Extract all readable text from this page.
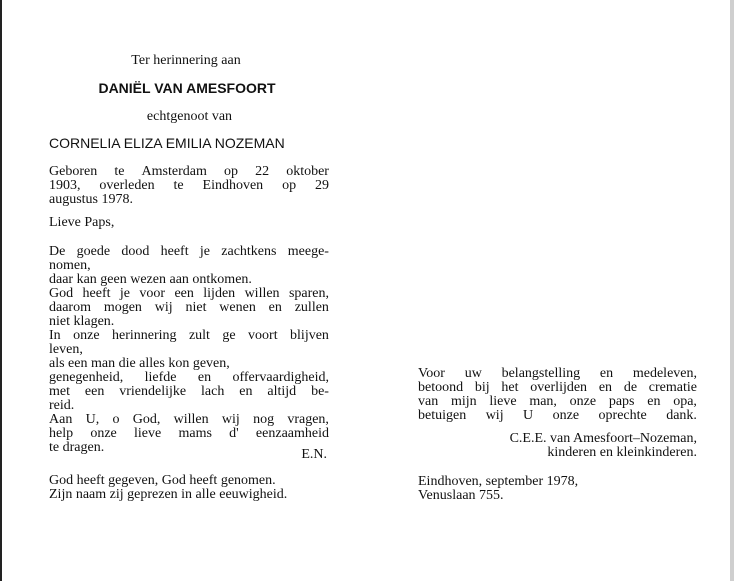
Ter herinnering aan
DANIËL VAN AMESFOORT
echtgenoot van
CORNELIA ELIZA EMILIA NOZEMAN
Geboren te Amsterdam op 22 oktober
1903, overleden te Eindhoven op 29
augustus 1978.
Lieve Paps,
De goede dood heeft je zachtkens meege-
nomen,
daar kan geen wezen aan ontkomen.
God heeft je voor een lijden willen sparen,
daarom mogen wij niet wenen en zullen
niet klagen.
In onze herinnering zult ge voort blijven
leven,
als een man die alles kon geven,
genegenheid, liefde en offervaardigheid,
met een vriendelijke lach en altijd be-
reid.
Aan U, o God, willen wij nog vragen,
help onze lieve mams d' eenzaamheid
te dragen.	E.N.
God heeft gegeven, God heeft genomen.
Zijn naam zij geprezen in alle eeuwigheid.
Voor uw belangstelling en medeleven,
betoond bij het overlijden en de crematie
van mijn lieve man, onze paps en opa,
betuigen wij U onze oprechte dank.
C.E.E. van Amesfoort–Nozeman,
kinderen en kleinkinderen.
Eindhoven, september 1978,
Venuslaan 755.
